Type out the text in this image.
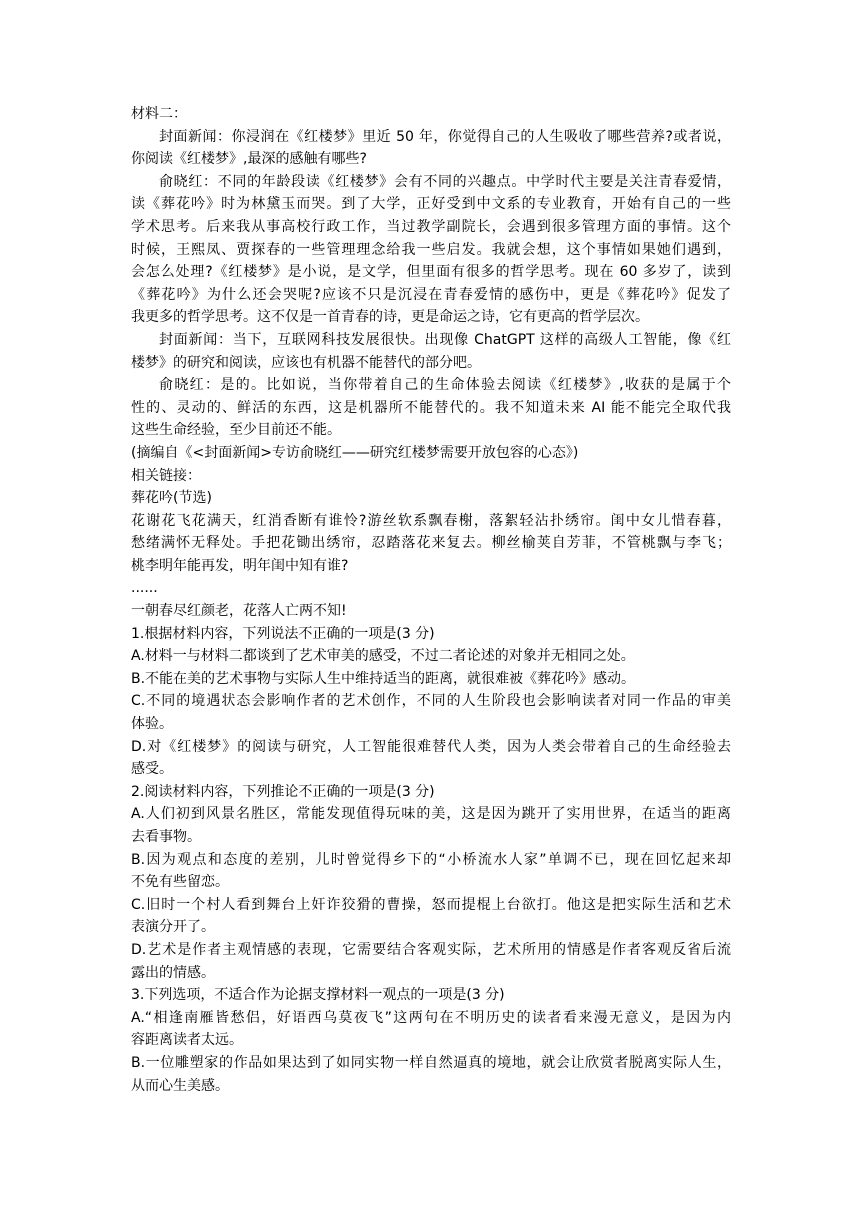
材料二：
封面新闻：你浸润在《红楼梦》里近 50 年，你觉得自己的人生吸收了哪些营养?或者说，
你阅读《红楼梦》,最深的感触有哪些?
俞晓红：不同的年龄段读《红楼梦》会有不同的兴趣点。中学时代主要是关注青春爱情，
读《葬花吟》时为林黛玉而哭。到了大学，正好受到中文系的专业教育，开始有自己的一些
学术思考。后来我从事高校行政工作，当过教学副院长，会遇到很多管理方面的事情。这个
时候，王熙凤、贾探春的一些管理理念给我一些启发。我就会想，这个事情如果她们遇到，
会怎么处理?《红楼梦》是小说，是文学，但里面有很多的哲学思考。现在 60 多岁了，读到
《葬花吟》为什么还会哭呢?应该不只是沉浸在青春爱情的感伤中，更是《葬花吟》促发了
我更多的哲学思考。这不仅是一首青春的诗，更是命运之诗，它有更高的哲学层次。
封面新闻：当下，互联网科技发展很快。出现像 ChatGPT 这样的高级人工智能，像《红
楼梦》的研究和阅读，应该也有机器不能替代的部分吧。
俞晓红：是的。比如说，当你带着自己的生命体验去阅读《红楼梦》,收获的是属于个
性的、灵动的、鲜活的东西，这是机器所不能替代的。我不知道未来 AI 能不能完全取代我
这些生命经验，至少目前还不能。
(摘编自《<封面新闻>专访俞晓红——研究红楼梦需要开放包容的心态》)
相关链接：
葬花吟(节选)
花谢花飞花满天，红消香断有谁怜?游丝软系飘春榭，落絮轻沾扑绣帘。闺中女儿惜春暮，
愁绪满怀无释处。手把花锄出绣帘，忍踏落花来复去。柳丝榆荚自芳菲，不管桃飘与李飞；
桃李明年能再发，明年闺中知有谁?
......
一朝春尽红颜老，花落人亡两不知!
1.根据材料内容，下列说法不正确的一项是(3 分)
A.材料一与材料二都谈到了艺术审美的感受，不过二者论述的对象并无相同之处。
B.不能在美的艺术事物与实际人生中维持适当的距离，就很难被《葬花吟》感动。
C.不同的境遇状态会影响作者的艺术创作，不同的人生阶段也会影响读者对同一作品的审美
体验。
D.对《红楼梦》的阅读与研究，人工智能很难替代人类，因为人类会带着自己的生命经验去
感受。
2.阅读材料内容，下列推论不正确的一项是(3 分)
A.人们初到风景名胜区，常能发现值得玩味的美，这是因为跳开了实用世界，在适当的距离
去看事物。
B.因为观点和态度的差别，儿时曾觉得乡下的“小桥流水人家”单调不已，现在回忆起来却
不免有些留恋。
C.旧时一个村人看到舞台上奸诈狡猾的曹操，怒而提棍上台欲打。他这是把实际生活和艺术
表演分开了。
D.艺术是作者主观情感的表现，它需要结合客观实际，艺术所用的情感是作者客观反省后流
露出的情感。
3.下列选项，不适合作为论据支撑材料一观点的一项是(3 分)
A.“相逢南雁皆愁侣，好语西乌莫夜飞”这两句在不明历史的读者看来漫无意义，是因为内
容距离读者太远。
B.一位雕塑家的作品如果达到了如同实物一样自然逼真的境地，就会让欣赏者脱离实际人生，
从而心生美感。
